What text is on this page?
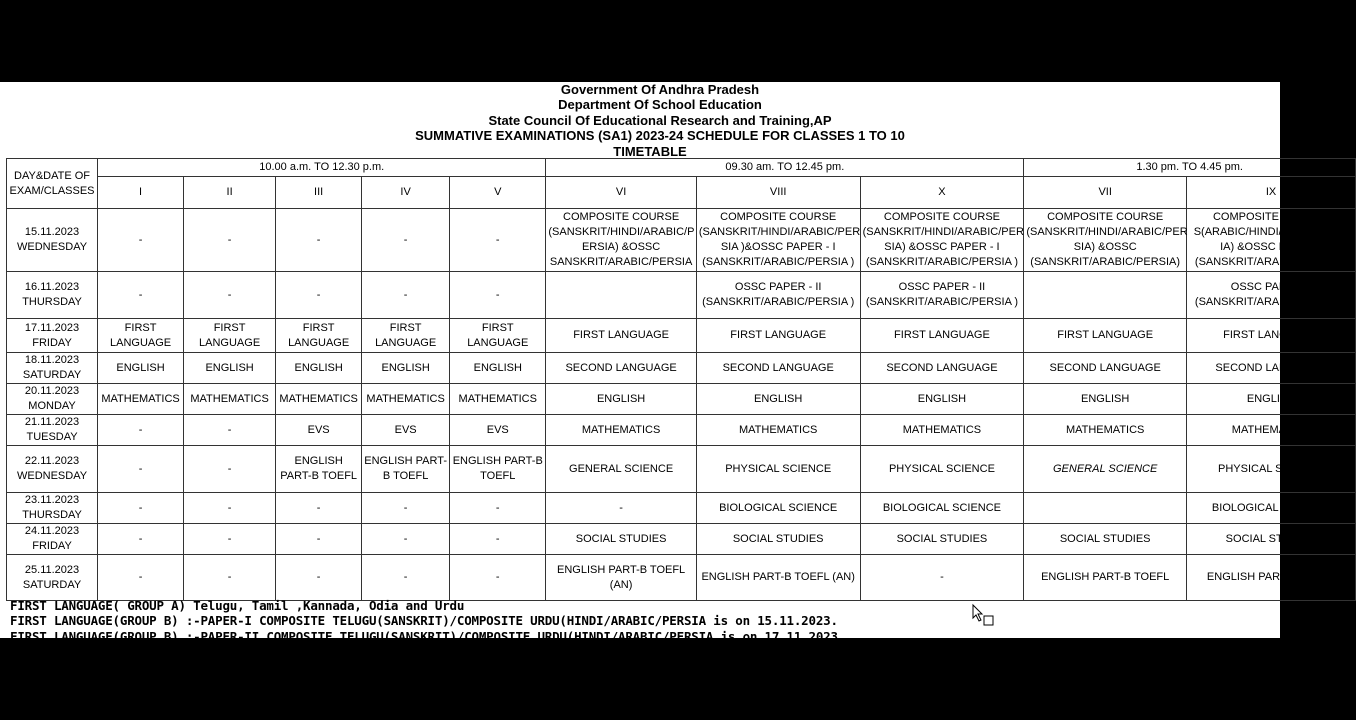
Government Of Andhra Pradesh
Department Of School Education
State Council Of Educational Research and Training,AP
SUMMATIVE EXAMINATIONS (SA1) 2023-24 SCHEDULE FOR CLASSES 1 TO 10
TIMETABLE
DAY&DATE OF EXAM/CLASSES	10.00 a.m. TO 12.30 p.m.					09.30 am. TO 12.45 pm.			1.30 pm. TO 4.45 pm.	
	I	II	III	IV	V	VI	VIII	X	VII	IX

15.11.2023
WEDNESDAY	-	-	-	-	-	COMPOSITE COURSE (SANSKRIT/HINDI/ARABIC/P ERSIA) &OSSC SANSKRIT/ARABIC/PERSIA	COMPOSITE COURSE (SANSKRIT/HINDI/ARABIC/PER SIA )&OSSC PAPER - I (SANSKRIT/ARABIC/PERSIA )	COMPOSITE COURSE (SANSKRIT/HINDI/ARABIC/PER SIA) &OSSC PAPER - I (SANSKRIT/ARABIC/PERSIA )	COMPOSITE COURSE (SANSKRIT/HINDI/ARABIC/PER SIA) &OSSC (SANSKRIT/ARABIC/PERSIA)	COMPOSITE COURSE S(ARABIC/HINDI/ARABIC/PER IA) &OSSC PAPER-I (SANSKRIT/ARABIC/PERSIA )

16.11.2023
THURSDAY	-	-	-	-	-		OSSC PAPER - II (SANSKRIT/ARABIC/PERSIA )	OSSC PAPER - II (SANSKRIT/ARABIC/PERSIA )		OSSC PAPER-II (SANSKRIT/ARABIC/PERSIA )

17.11.2023
FRIDAY	FIRST LANGUAGE	FIRST LANGUAGE	FIRST LANGUAGE	FIRST LANGUAGE	FIRST LANGUAGE	FIRST LANGUAGE	FIRST LANGUAGE	FIRST LANGUAGE	FIRST LANGUAGE	FIRST LANGUAGE

18.11.2023
SATURDAY	ENGLISH	ENGLISH	ENGLISH	ENGLISH	ENGLISH	SECOND LANGUAGE	SECOND LANGUAGE	SECOND LANGUAGE	SECOND LANGUAGE	SECOND LANGUAGE

20.11.2023
MONDAY	MATHEMATICS	MATHEMATICS	MATHEMATICS	MATHEMATICS	MATHEMATICS	ENGLISH	ENGLISH	ENGLISH	ENGLISH	ENGLISH

21.11.2023
TUESDAY	-	-	EVS	EVS	EVS	MATHEMATICS	MATHEMATICS	MATHEMATICS	MATHEMATICS	MATHEMATICS

22.11.2023
WEDNESDAY	-	-	ENGLISH PART-B TOEFL	ENGLISH PART-B TOEFL	ENGLISH PART-B TOEFL	GENERAL SCIENCE	PHYSICAL SCIENCE	PHYSICAL SCIENCE	GENERAL SCIENCE	PHYSICAL SCIENCE

23.11.2023
THURSDAY	-	-	-	-	-	-	BIOLOGICAL SCIENCE	BIOLOGICAL SCIENCE		BIOLOGICAL SCIENCE

24.11.2023
FRIDAY	-	-	-	-	-	SOCIAL STUDIES	SOCIAL STUDIES	SOCIAL STUDIES	SOCIAL STUDIES	SOCIAL STUDIES

25.11.2023
SATURDAY	-	-	-	-	-	ENGLISH PART-B TOEFL (AN)	ENGLISH PART-B TOEFL (AN)	-	ENGLISH PART-B TOEFL	ENGLISH PART-B TOEFL
FIRST LANGUAGE( GROUP A) Telugu, Tamil ,Kannada, Odia and Urdu
FIRST LANGUAGE(GROUP B) :-PAPER-I COMPOSITE TELUGU(SANSKRIT)/COMPOSITE URDU(HINDI/ARABIC/PERSIA is on 15.11.2023.
FIRST LANGUAGE(GROUP B) :-PAPER-II COMPOSITE TELUGU(SANSKRIT)/COMPOSITE URDU(HINDI/ARABIC/PERSIA is on 17.11.2023.
